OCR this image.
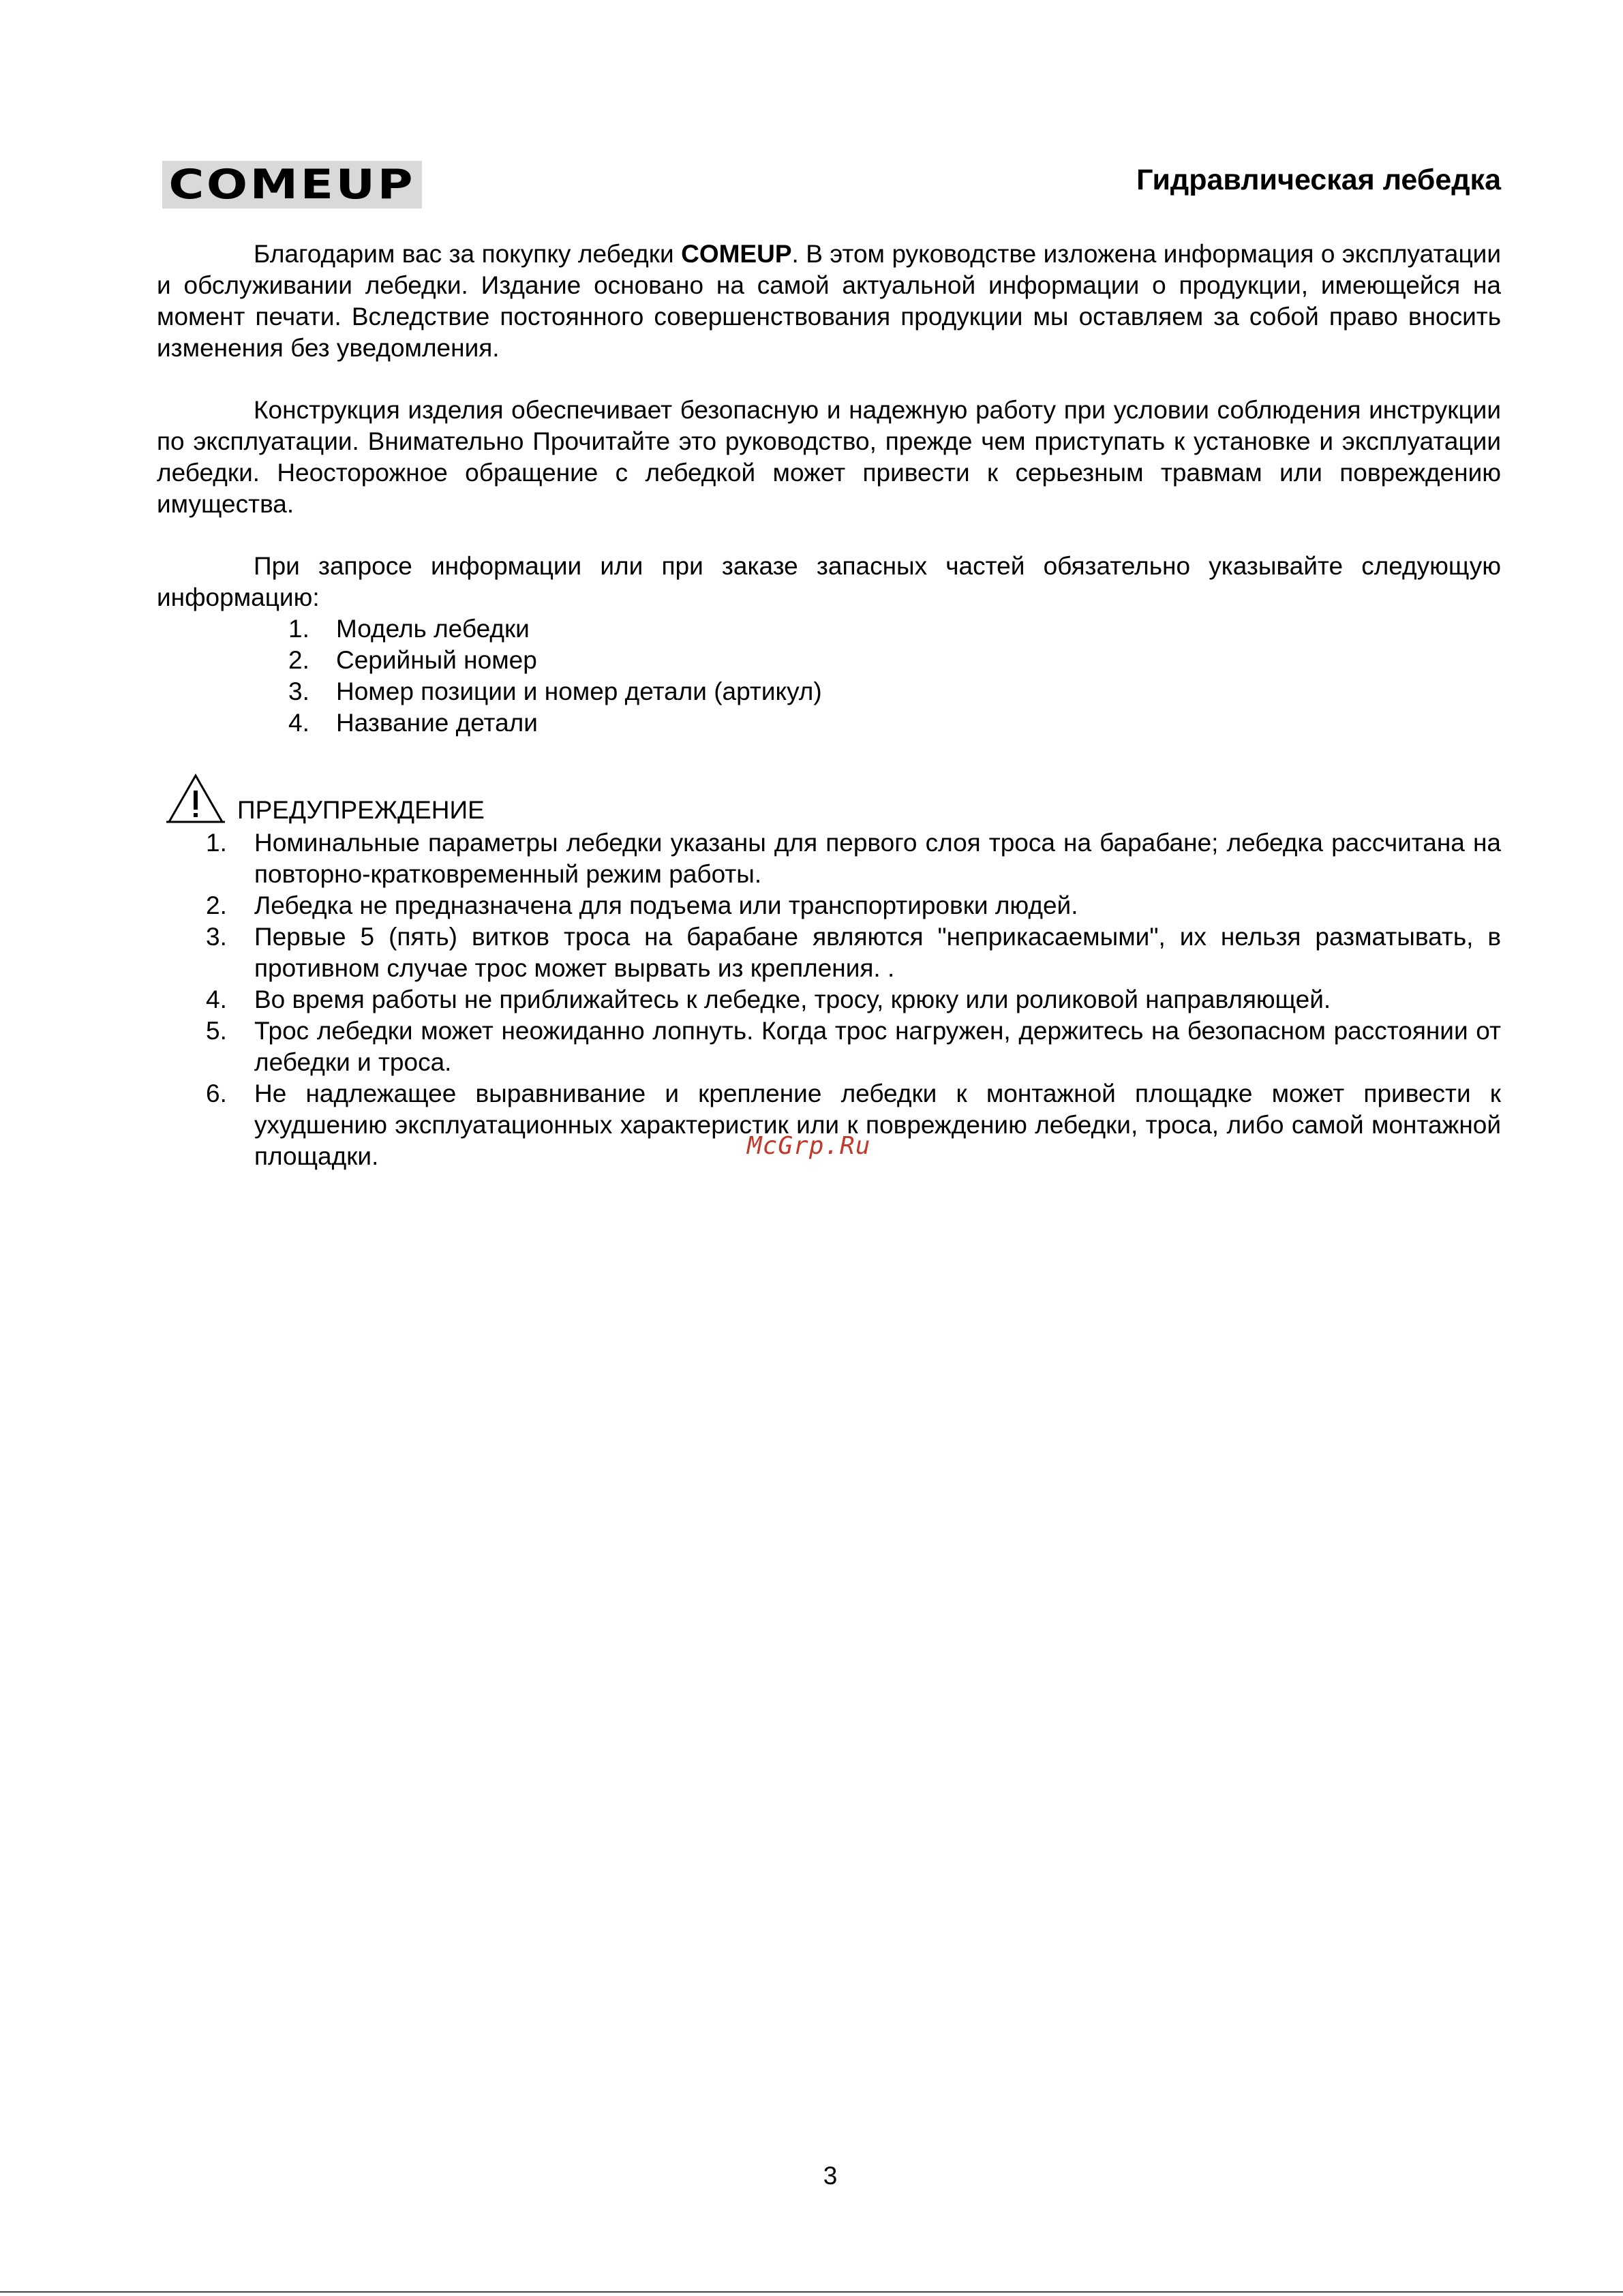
COMEUP	Гидравлическая лебедка

Благодарим вас за покупку лебедки COMEUP. В этом руководстве изложена информация о эксплуатации и обслуживании лебедки. Издание основано на самой актуальной информации о продукции, имеющейся на момент печати. Вследствие постоянного совершенствования продукции мы оставляем за собой право вносить изменения без уведомления.

Конструкция изделия обеспечивает безопасную и надежную работу при условии соблюдения инструкции по эксплуатации. Внимательно Прочитайте это руководство, прежде чем приступать к установке и эксплуатации лебедки. Неосторожное обращение с лебедкой может привести к серьезным травмам или повреждению имущества.

При запросе информации или при заказе запасных частей обязательно указывайте следующую информацию:

1. Модель лебедки
2. Серийный номер
3. Номер позиции и номер детали (артикул)
4. Название детали
ПРЕДУПРЕЖДЕНИЕ
1. Номинальные параметры лебедки указаны для первого слоя троса на барабане; лебедка рассчитана на повторно-кратковременный режим работы.
2. Лебедка не предназначена для подъема или транспортировки людей.
3. Первые 5 (пять) витков троса на барабане являются "неприкасаемыми", их нельзя разматывать, в противном случае трос может вырвать из крепления. .
4. Во время работы не приближайтесь к лебедке, тросу, крюку или роликовой направляющей.
5. Трос лебедки может неожиданно лопнуть. Когда трос нагружен, держитесь на безопасном расстоянии от лебедки и троса.
6. Не надлежащее выравнивание и крепление лебедки к монтажной площадке может привести к ухудшению эксплуатационных характеристик или к повреждению лебедки, троса, либо самой монтажной площадки.	McGrp.Ru
3
